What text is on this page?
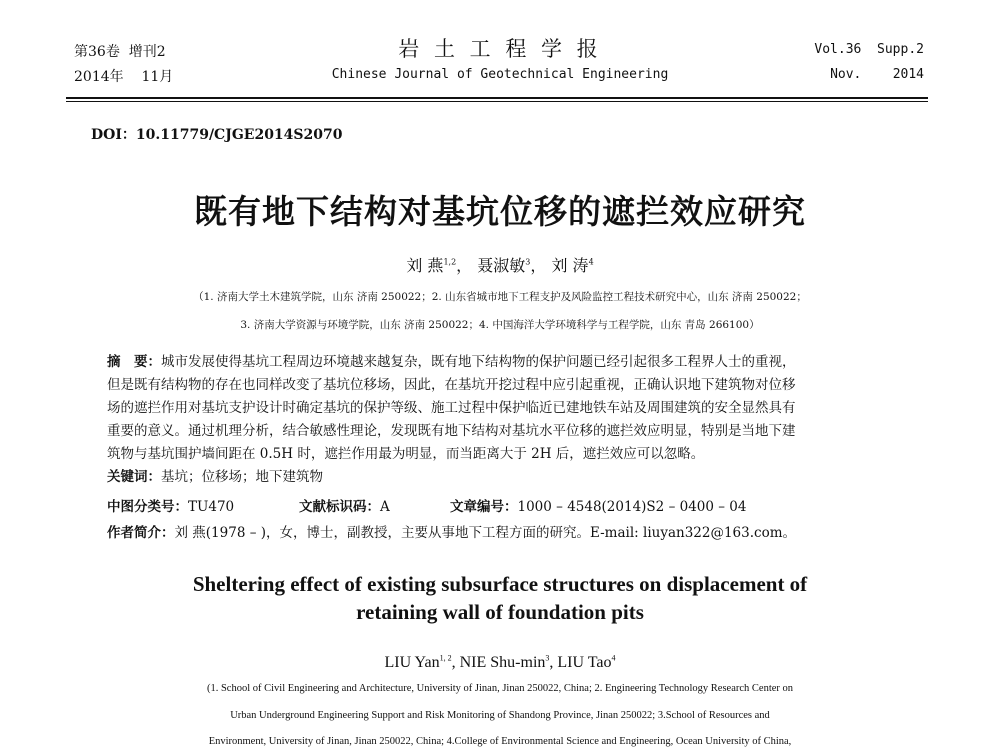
第36卷 增刊2
2014年 11月
岩 土 工 程 学 报
Chinese Journal of Geotechnical Engineering
Vol.36 Supp.2
Nov. 2014
DOI：10.11779/CJGE2014S2070
既有地下结构对基坑位移的遮拦效应研究
刘 燕$^{1,2}$， 聂淑敏$^3$， 刘 涛$^4$
（1. 济南大学土木建筑学院，山东 济南 250022；2. 山东省城市地下工程支护及风险监控工程技术研究中心，山东 济南 250022；
3. 济南大学资源与环境学院，山东 济南 250022；4. 中国海洋大学环境科学与工程学院，山东 青岛 266100）
摘　要：城市发展使得基坑工程周边环境越来越复杂，既有地下结构物的保护问题已经引起很多工程界人士的重视，
但是既有结构物的存在也同样改变了基坑位移场，因此，在基坑开挖过程中应引起重视，正确认识地下建筑物对位移
场的遮拦作用对基坑支护设计时确定基坑的保护等级、施工过程中保护临近已建地铁车站及周围建筑的安全显然具有
重要的意义。通过机理分析，结合敏感性理论，发现既有地下结构对基坑水平位移的遮拦效应明显，特别是当地下建
筑物与基坑围护墙间距在 0.5H 时，遮拦作用最为明显，而当距离大于 2H 后，遮拦效应可以忽略。
关键词：基坑；位移场；地下建筑物
中图分类号：TU470	文献标识码：A	文章编号：1000 – 4548(2014)S2 – 0400 – 04
作者简介：刘 燕(1978 – )，女，博士，副教授，主要从事地下工程方面的研究。E-mail: liuyan322@163.com。
Sheltering effect of existing subsurface structures on displacement of
retaining wall of foundation pits
LIU Yan$^{1, 2}$, NIE Shu-$\min^3$, LIU Tao$^4$
(1. School of Civil Engineering and Architecture, University of Jinan, Jinan 250022, China; 2. Engineering Technology Research Center on
Urban Underground Engineering Support and Risk Monitoring of Shandong Province, Jinan 250022; 3.School of Resources and
Environment, University of Jinan, Jinan 250022, China; 4.College of Environmental Science and Engineering, Ocean University of China,
